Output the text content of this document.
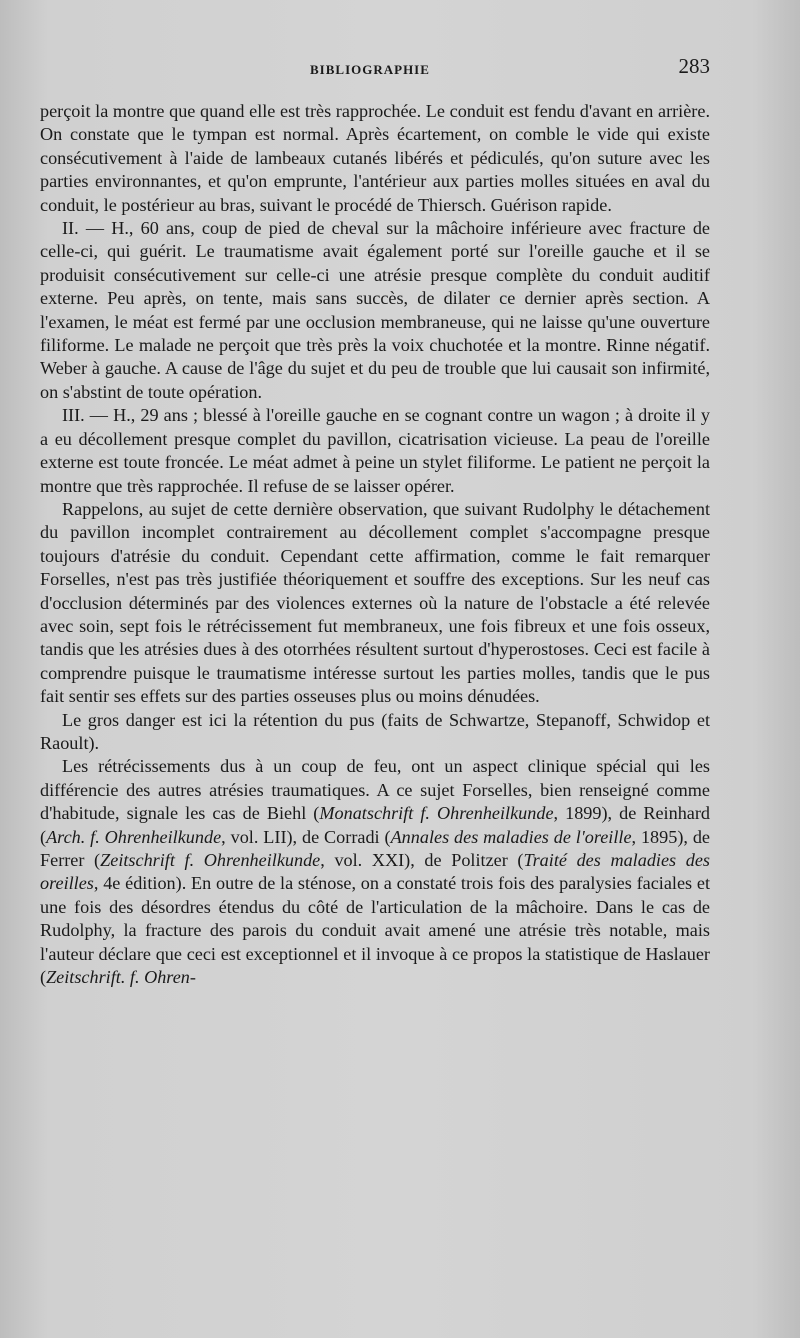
BIBLIOGRAPHIE	283

perçoit la montre que quand elle est très rapprochée. Le conduit est fendu d'avant en arrière. On constate que le tympan est normal. Après écartement, on comble le vide qui existe consécutivement à l'aide de lambeaux cutanés libérés et pédiculés, qu'on suture avec les parties environnantes, et qu'on emprunte, l'antérieur aux parties molles situées en aval du conduit, le postérieur au bras, suivant le procédé de Thiersch. Guérison rapide.

II. — H., 60 ans, coup de pied de cheval sur la mâchoire inférieure avec fracture de celle-ci, qui guérit. Le traumatisme avait également porté sur l'oreille gauche et il se produisit consécutivement sur celle-ci une atrésie presque complète du conduit auditif externe. Peu après, on tente, mais sans succès, de dilater ce dernier après section. A l'examen, le méat est fermé par une occlusion membraneuse, qui ne laisse qu'une ouverture filiforme. Le malade ne perçoit que très près la voix chuchotée et la montre. Rinne négatif. Weber à gauche. A cause de l'âge du sujet et du peu de trouble que lui causait son infirmité, on s'abstint de toute opération.

III. — H., 29 ans ; blessé à l'oreille gauche en se cognant contre un wagon ; à droite il y a eu décollement presque complet du pavillon, cicatrisation vicieuse. La peau de l'oreille externe est toute froncée. Le méat admet à peine un stylet filiforme. Le patient ne perçoit la montre que très rapprochée. Il refuse de se laisser opérer.

Rappelons, au sujet de cette dernière observation, que suivant Rudolphy le détachement du pavillon incomplet contrairement au décollement complet s'accompagne presque toujours d'atrésie du conduit. Cependant cette affirmation, comme le fait remarquer Forselles, n'est pas très justifiée théoriquement et souffre des exceptions. Sur les neuf cas d'occlusion déterminés par des violences externes où la nature de l'obstacle a été relevée avec soin, sept fois le rétrécissement fut membraneux, une fois fibreux et une fois osseux, tandis que les atrésies dues à des otorrhées résultent surtout d'hyperostoses. Ceci est facile à comprendre puisque le traumatisme intéresse surtout les parties molles, tandis que le pus fait sentir ses effets sur des parties osseuses plus ou moins dénudées.

Le gros danger est ici la rétention du pus (faits de Schwartze, Stepanoff, Schwidop et Raoult).

Les rétrécissements dus à un coup de feu, ont un aspect clinique spécial qui les différencie des autres atrésies traumatiques. A ce sujet Forselles, bien renseigné comme d'habitude, signale les cas de Biehl (Monatschrift f. Ohrenheilkunde, 1899), de Reinhard (Arch. f. Ohrenheilkunde, vol. LII), de Corradi (Annales des maladies de l'oreille, 1895), de Ferrer (Zeitschrift f. Ohrenheilkunde, vol. XXI), de Politzer (Traité des maladies des oreilles, 4e édition). En outre de la sténose, on a constaté trois fois des paralysies faciales et une fois des désordres étendus du côté de l'articulation de la mâchoire. Dans le cas de Rudolphy, la fracture des parois du conduit avait amené une atrésie très notable, mais l'auteur déclare que ceci est exceptionnel et il invoque à ce propos la statistique de Haslauer (Zeitschrift. f. Ohren-
